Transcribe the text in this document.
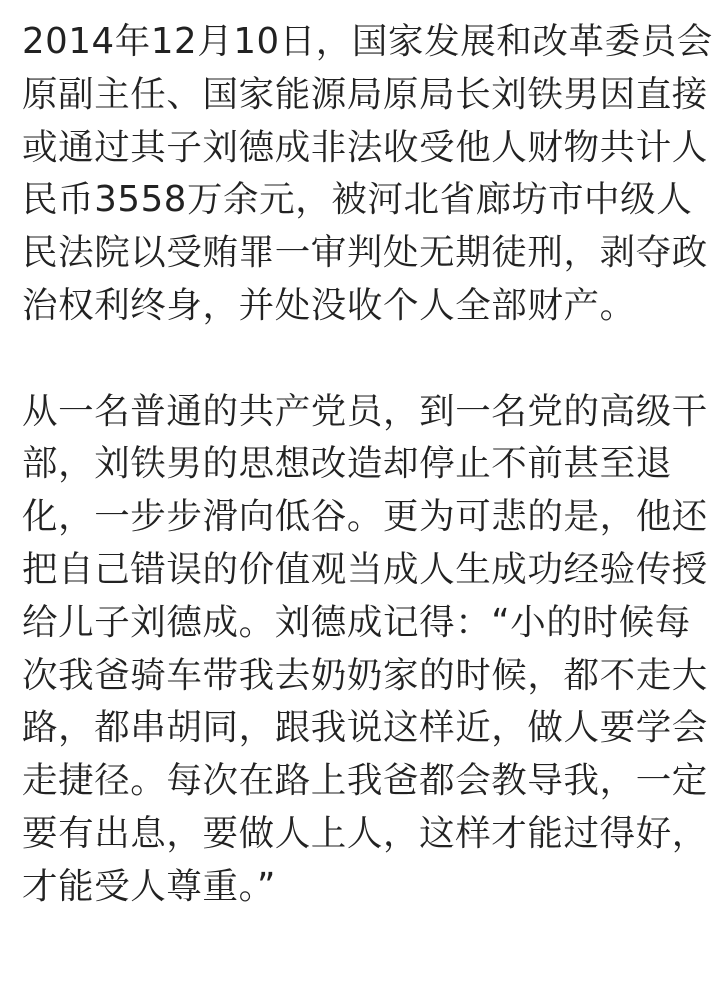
2014年12月10日，国家发展和改革委员会
原副主任、国家能源局原局长刘铁男因直接
或通过其子刘德成非法收受他人财物共计人
民币3558万余元，被河北省廊坊市中级人
民法院以受贿罪一审判处无期徒刑，剥夺政
治权利终身，并处没收个人全部财产。

从一名普通的共产党员，到一名党的高级干
部，刘铁男的思想改造却停止不前甚至退
化，一步步滑向低谷。更为可悲的是，他还
把自己错误的价值观当成人生成功经验传授
给儿子刘德成。刘德成记得：“小的时候每
次我爸骑车带我去奶奶家的时候，都不走大
路，都串胡同，跟我说这样近，做人要学会
走捷径。每次在路上我爸都会教导我，一定
要有出息，要做人上人，这样才能过得好，
才能受人尊重。”
